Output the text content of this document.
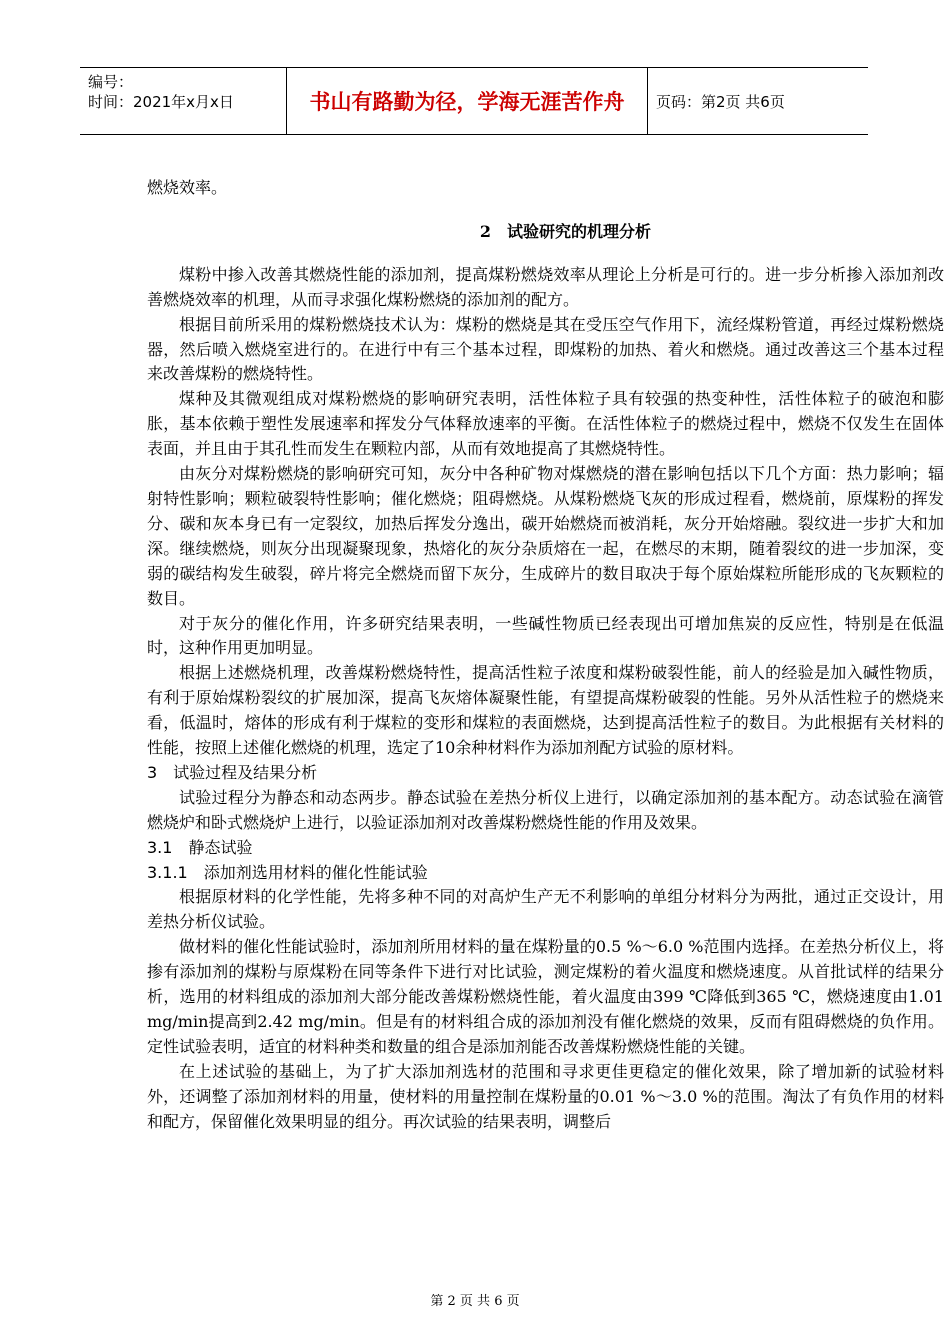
编号：
时间：2021年x月x日	书山有路勤为径，学海无涯苦作舟	页码：第2页 共6页

燃烧效率。

2　试验研究的机理分析

煤粉中掺入改善其燃烧性能的添加剂，提高煤粉燃烧效率从理论上分析是可行的。进一步分析掺入添加剂改善燃烧效率的机理，从而寻求强化煤粉燃烧的添加剂的配方。

根据目前所采用的煤粉燃烧技术认为：煤粉的燃烧是其在受压空气作用下，流经煤粉管道，再经过煤粉燃烧器，然后喷入燃烧室进行的。在进行中有三个基本过程，即煤粉的加热、着火和燃烧。通过改善这三个基本过程来改善煤粉的燃烧特性。

煤种及其微观组成对煤粉燃烧的影响研究表明，活性体粒子具有较强的热变种性，活性体粒子的破泡和膨胀，基本依赖于塑性发展速率和挥发分气体释放速率的平衡。在活性体粒子的燃烧过程中，燃烧不仅发生在固体表面，并且由于其孔性而发生在颗粒内部，从而有效地提高了其燃烧特性。

由灰分对煤粉燃烧的影响研究可知，灰分中各种矿物对煤燃烧的潜在影响包括以下几个方面：热力影响；辐射特性影响；颗粒破裂特性影响；催化燃烧；阻碍燃烧。从煤粉燃烧飞灰的形成过程看，燃烧前，原煤粉的挥发分、碳和灰本身已有一定裂纹，加热后挥发分逸出，碳开始燃烧而被消耗，灰分开始熔融。裂纹进一步扩大和加深。继续燃烧，则灰分出现凝聚现象，热熔化的灰分杂质熔在一起，在燃尽的末期，随着裂纹的进一步加深，变弱的碳结构发生破裂，碎片将完全燃烧而留下灰分，生成碎片的数目取决于每个原始煤粒所能形成的飞灰颗粒的数目。

对于灰分的催化作用，许多研究结果表明，一些碱性物质已经表现出可增加焦炭的反应性，特别是在低温时，这种作用更加明显。

根据上述燃烧机理，改善煤粉燃烧特性，提高活性粒子浓度和煤粉破裂性能，前人的经验是加入碱性物质，有利于原始煤粉裂纹的扩展加深，提高飞灰熔体凝聚性能，有望提高煤粉破裂的性能。另外从活性粒子的燃烧来看，低温时，熔体的形成有利于煤粒的变形和煤粒的表面燃烧，达到提高活性粒子的数目。为此根据有关材料的性能，按照上述催化燃烧的机理，选定了10余种材料作为添加剂配方试验的原材料。

3　试验过程及结果分析

试验过程分为静态和动态两步。静态试验在差热分析仪上进行，以确定添加剂的基本配方。动态试验在滴管燃烧炉和卧式燃烧炉上进行，以验证添加剂对改善煤粉燃烧性能的作用及效果。

3.1　静态试验

3.1.1　添加剂选用材料的催化性能试验

根据原材料的化学性能，先将多种不同的对高炉生产无不利影响的单组分材料分为两批，通过正交设计，用差热分析仪试验。

做材料的催化性能试验时，添加剂所用材料的量在煤粉量的0.5 %～6.0 %范围内选择。在差热分析仪上，将掺有添加剂的煤粉与原煤粉在同等条件下进行对比试验，测定煤粉的着火温度和燃烧速度。从首批试样的结果分析，选用的材料组成的添加剂大部分能改善煤粉燃烧性能，着火温度由399 ℃降低到365 ℃，燃烧速度由1.01 mg/min提高到2.42 mg/min。但是有的材料组合成的添加剂没有催化燃烧的效果，反而有阻碍燃烧的负作用。定性试验表明，适宜的材料种类和数量的组合是添加剂能否改善煤粉燃烧性能的关键。

在上述试验的基础上，为了扩大添加剂选材的范围和寻求更佳更稳定的催化效果，除了增加新的试验材料外，还调整了添加剂材料的用量，使材料的用量控制在煤粉量的0.01 %～3.0 %的范围。淘汰了有负作用的材料和配方，保留催化效果明显的组分。再次试验的结果表明，调整后

第 2 页 共 6 页
